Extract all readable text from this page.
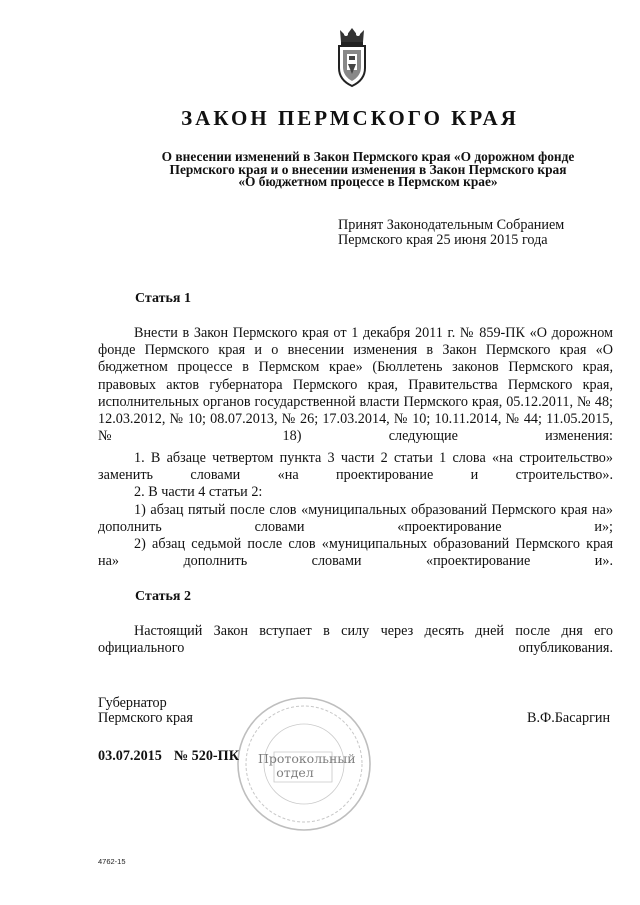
ЗАКОН ПЕРМСКОГО КРАЯ
О внесении изменений в Закон Пермского края «О дорожном фонде
Пермского края и о внесении изменения в Закон Пермского края
«О бюджетном процессе в Пермском крае»
Принят Законодательным Собранием
Пермского края 25 июня 2015 года
Статья 1
Внести в Закон Пермского края от 1 декабря 2011 г. № 859-ПК «О дорожном фонде Пермского края и о внесении изменения в Закон Пермского края «О бюджетном процессе в Пермском крае» (Бюллетень законов Пермского края, правовых актов губернатора Пермского края, Правительства Пермского края, исполнительных органов государственной власти Пермского края, 05.12.2011, № 48; 12.03.2012, № 10; 08.07.2013, № 26; 17.03.2014, № 10; 10.11.2014, № 44; 11.05.2015, № 18) следующие изменения:
1. В абзаце четвертом пункта 3 части 2 статьи 1 слова «на строительство» заменить словами «на проектирование и строительство».
2. В части 4 статьи 2:
1) абзац пятый после слов «муниципальных образований Пермского края на» дополнить словами «проектирование и»;
2) абзац седьмой после слов «муниципальных образований Пермского края на» дополнить словами «проектирование и».
Статья 2
Настоящий Закон вступает в силу через десять дней после дня его официального опубликования.
Губернатор
Пермского края	В.Ф.Басаргин
03.07.2015 № 520-ПК Протокольный
отдел
4762-15
